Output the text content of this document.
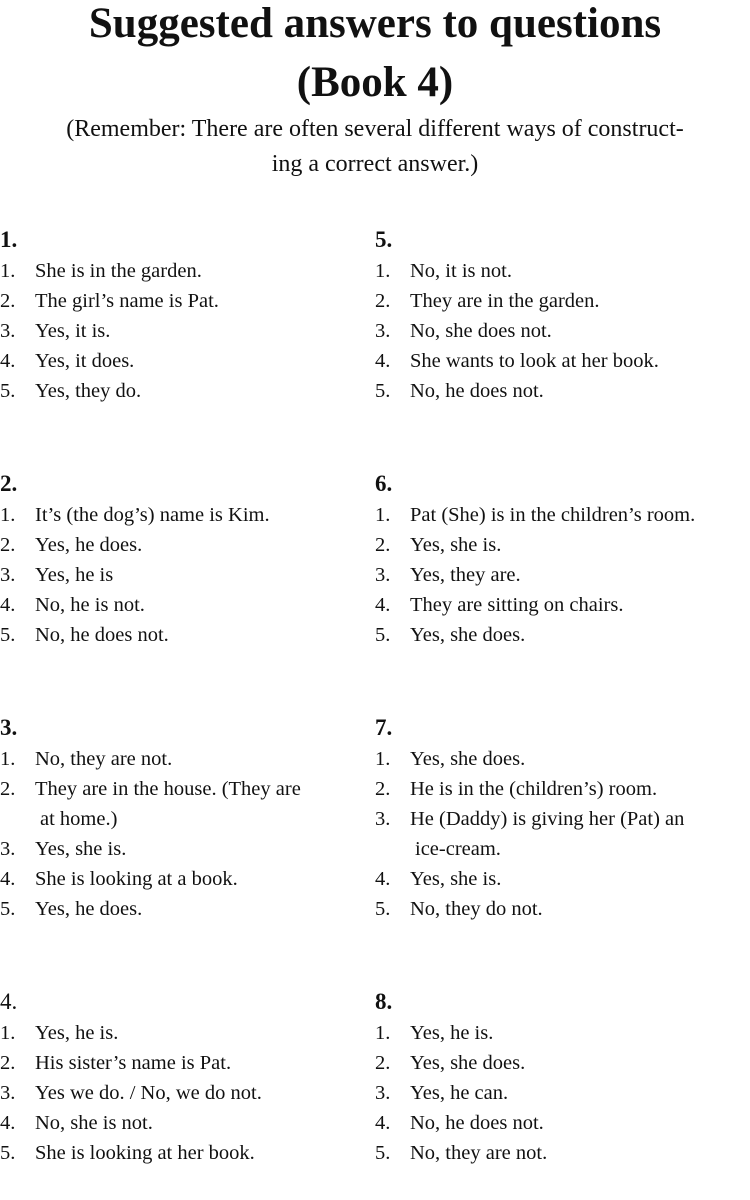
Suggested answers to questions
(Book 4)

(Remember: There are often several different ways of construct-

ing a correct answer.)

1.
1. She is in the garden.
2. The girl’s name is Pat.
3. Yes, it is.
4. Yes, it does.
5. Yes, they do.
2.
1. It’s (the dog’s) name is Kim.
2. Yes, he does.
3. Yes, he is
4. No, he is not.
5. No, he does not.
3.
1. No, they are not.
2. They are in the house. (They are
at home.)
3. Yes, she is.
4. She is looking at a book.
5. Yes, he does.
4.
1. Yes, he is.
2. His sister’s name is Pat.
3. Yes we do. / No, we do not.
4. No, she is not.
5. She is looking at her book.
5.
1. No, it is not.
2. They are in the garden.
3. No, she does not.
4. She wants to look at her book.
5. No, he does not.
6.
1. Pat (She) is in the children’s room.
2. Yes, she is.
3. Yes, they are.
4. They are sitting on chairs.
5. Yes, she does.
7.
1. Yes, she does.
2. He is in the (children’s) room.
3. He (Daddy) is giving her (Pat) an
ice-cream.
4. Yes, she is.
5. No, they do not.
8.
1. Yes, he is.
2. Yes, she does.
3. Yes, he can.
4. No, he does not.
5. No, they are not.
